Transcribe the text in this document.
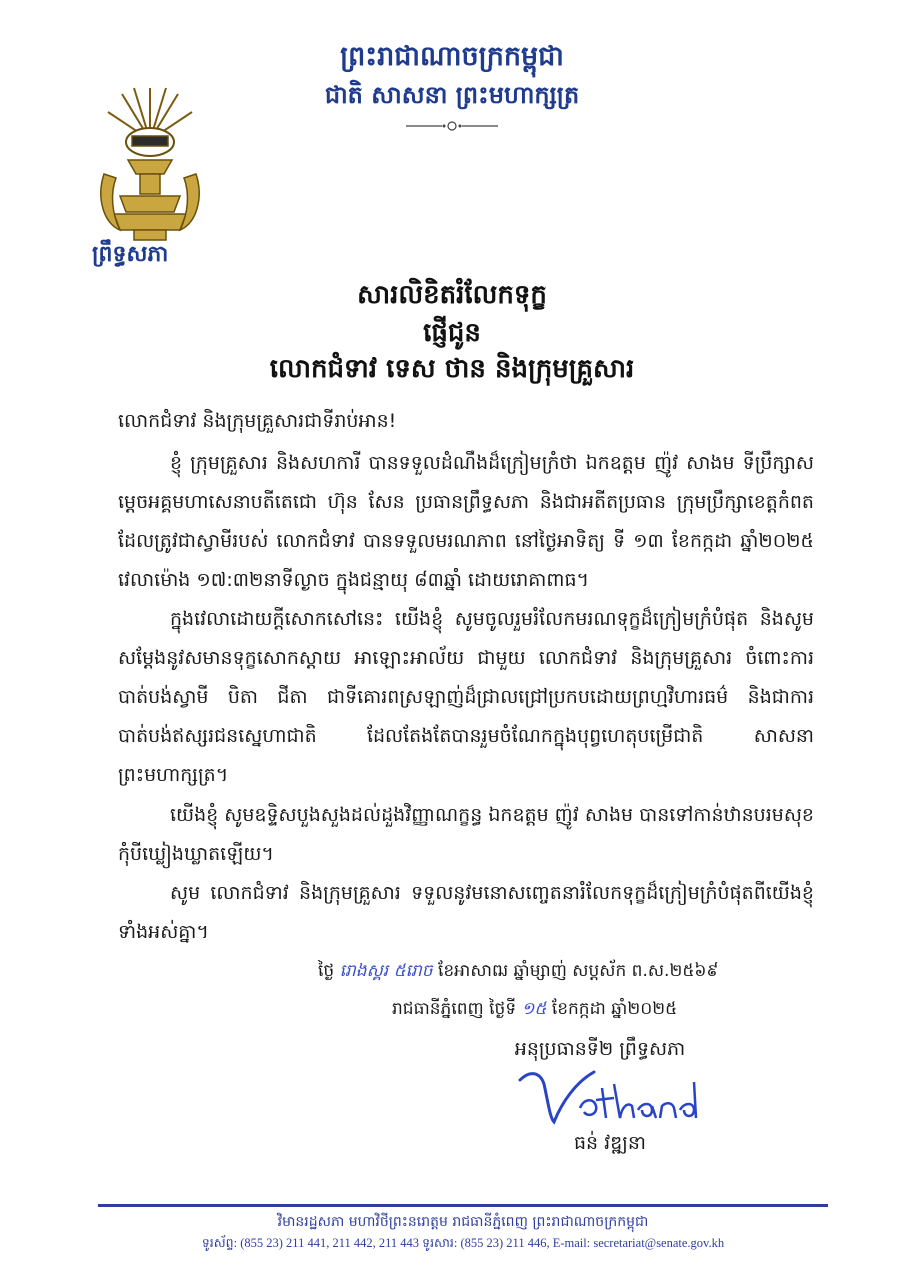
ព្រឹទ្ធសភា
ព្រះរាជាណាចក្រកម្ពុជា
ជាតិ សាសនា ព្រះមហាក្សត្រ
សារលិខិតរំលែកទុក្ខ
ផ្ញើជូន
លោកជំទាវ ទេស ថាន និងក្រុមគ្រួសារ
លោកជំទាវ និងក្រុមគ្រួសារជាទីរាប់អាន!
ខ្ញុំ ក្រុមគ្រួសារ និងសហការី បានទទួលដំណឹងដ៏ក្រៀមក្រំថា ឯកឧត្តម ញ៉ូវ សាងម ទីប្រឹក្សាសម្តេចអគ្គមហាសេនាបតីតេជោ ហ៊ុន សែន ប្រធានព្រឹទ្ធសភា និងជាអតីតប្រធាន ក្រុមប្រឹក្សាខេត្តកំពត ដែលត្រូវជាស្វាមីរបស់ លោកជំទាវ បានទទួលមរណភាព នៅថ្ងៃអាទិត្យ ទី ១៣ ខែកក្កដា ឆ្នាំ២០២៥ វេលាម៉ោង ១៧:៣២នាទីល្ងាច ក្នុងជន្មាយុ ៨៣ឆ្នាំ ដោយរោគាពាធ។
ក្នុងវេលាដោយក្តីសោកសៅនេះ យើងខ្ញុំ សូមចូលរួមរំលែកមរណទុក្ខដ៏ក្រៀមក្រំបំផុត និងសូមសម្តែងនូវសមានទុក្ខសោកស្តាយ អាឡោះអាល័យ ជាមួយ លោកជំទាវ និងក្រុមគ្រួសារ ចំពោះការបាត់បង់ស្វាមី បិតា ជីតា ជាទីគោរពស្រឡាញ់ដ៏ជ្រាលជ្រៅប្រកបដោយព្រហ្មវិហារធម៌ និងជាការបាត់បង់ឥស្សរជនស្នេហាជាតិ ដែលតែងតែបានរួមចំណែកក្នុងបុព្វហេតុបម្រើជាតិ សាសនា ព្រះមហាក្សត្រ។
យើងខ្ញុំ សូមឧទ្ទិសបួងសួងដល់ដួងវិញ្ញាណក្ខន្ធ ឯកឧត្តម ញ៉ូវ សាងម បានទៅកាន់ឋានបរមសុខ កុំបីឃ្លៀងឃ្លាតឡើយ។
សូម លោកជំទាវ និងក្រុមគ្រួសារ ទទួលនូវមនោសញ្ចេតនារំលែកទុក្ខដ៏ក្រៀមក្រំបំផុតពីយើងខ្ញុំទាំងអស់គ្នា។
ថ្ងៃ រោងស្គរ ៥រោច ខែអាសាឍ ឆ្នាំម្សាញ់ សប្តស័ក ព.ស.២៥៦៩
រាជធានីភ្នំពេញ ថ្ងៃទី ១៥ ខែកក្កដា ឆ្នាំ២០២៥
អនុប្រធានទី២ ព្រឹទ្ធសភា
ធន់ វឌ្ឍនា
វិមានរដ្ឋសភា មហាវិថីព្រះនរោត្តម រាជធានីភ្នំពេញ ព្រះរាជាណាចក្រកម្ពុជា
ទូរស័ព្ទ: (855 23) 211 441, 211 442, 211 443 ទូរសារ: (855 23) 211 446, E-mail: secretariat@senate.gov.kh
